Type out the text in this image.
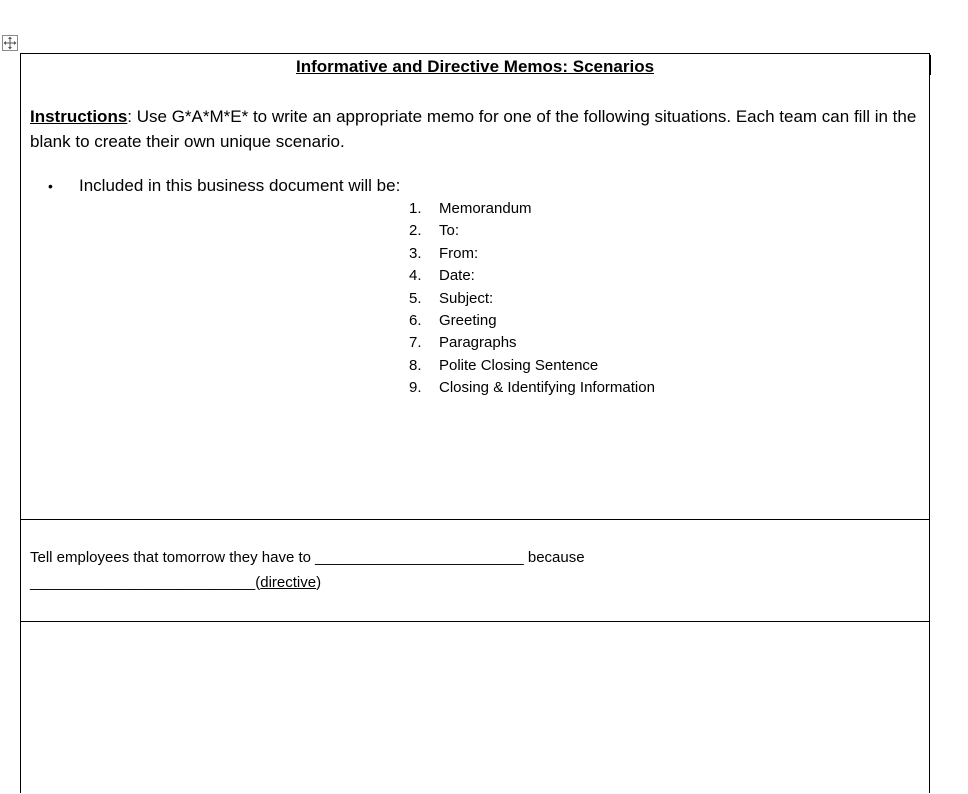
Informative and Directive Memos: Scenarios
Instructions: Use G*A*M*E* to write an appropriate memo for one of the following situations. Each team can fill in the blank to create their own unique scenario.
• Included in this business document will be:
1. Memorandum
2. To:
3. From:
4. Date:
5. Subject:
6. Greeting
7. Paragraphs
8. Polite Closing Sentence
9. Closing & Identifying Information
Tell employees that tomorrow they have to _________________________ because
___________________________(directive)
